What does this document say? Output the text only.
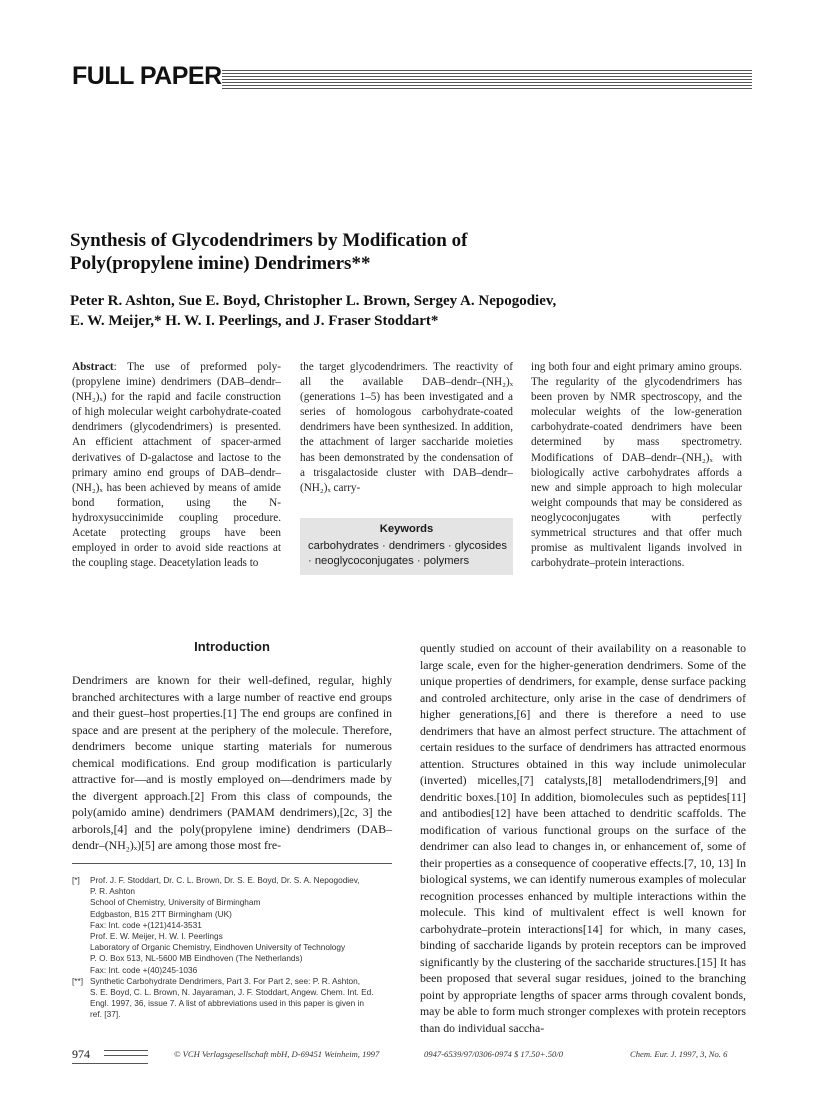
FULL PAPER
Synthesis of Glycodendrimers by Modification of
Poly(propylene imine) Dendrimers**
Peter R. Ashton, Sue E. Boyd, Christopher L. Brown, Sergey A. Nepogodiev,
E. W. Meijer,* H. W. I. Peerlings, and J. Fraser Stoddart*

Abstract: The use of preformed poly-(propylene imine) dendrimers (DAB–dendr–(NH₂)ₓ) for the rapid and facile construction of high molecular weight carbohydrate-coated dendrimers (glycodendrimers) is presented. An efficient attachment of spacer-armed derivatives of D-galactose and lactose to the primary amino end groups of DAB–dendr–(NH₂)ₓ has been achieved by means of amide bond formation, using the N-hydroxysuccinimide coupling procedure. Acetate protecting groups have been employed in order to avoid side reactions at the coupling stage. Deacetylation leads to

the target glycodendrimers. The reactivity of all the available DAB–dendr–(NH₂)ₓ (generations 1–5) has been investigated and a series of homologous carbohydrate-coated dendrimers have been synthesized. In addition, the attachment of larger saccharide moieties has been demonstrated by the condensation of a trisgalactoside cluster with DAB–dendr–(NH₂)ₓ carry-

ing both four and eight primary amino groups. The regularity of the glycodendrimers has been proven by NMR spectroscopy, and the molecular weights of the low-generation carbohydrate-coated dendrimers have been determined by mass spectrometry. Modifications of DAB–dendr–(NH₂)ₓ with biologically active carbohydrates affords a new and simple approach to high molecular weight compounds that may be considered as neoglycoconjugates with perfectly symmetrical structures and that offer much promise as multivalent ligands involved in carbohydrate–protein interactions.

Keywords
carbohydrates · dendrimers · glycosides · neoglycoconjugates · polymers
Introduction

Dendrimers are known for their well-defined, regular, highly branched architectures with a large number of reactive end groups and their guest–host properties.[1] The end groups are confined in space and are present at the periphery of the molecule. Therefore, dendrimers become unique starting materials for numerous chemical modifications. End group modification is particularly attractive for—and is mostly employed on—dendrimers made by the divergent approach.[2] From this class of compounds, the poly(amido amine) dendrimers (PAMAM dendrimers),[2c, 3] the arborols,[4] and the poly(propylene imine) dendrimers (DAB–dendr–(NH₂)ₓ)[5] are among those most fre-

quently studied on account of their availability on a reasonable to large scale, even for the higher-generation dendrimers. Some of the unique properties of dendrimers, for example, dense surface packing and controled architecture, only arise in the case of dendrimers of higher generations,[6] and there is therefore a need to use dendrimers that have an almost perfect structure. The attachment of certain residues to the surface of dendrimers has attracted enormous attention. Structures obtained in this way include unimolecular (inverted) micelles,[7] catalysts,[8] metallodendrimers,[9] and dendritic boxes.[10] In addition, biomolecules such as peptides[11] and antibodies[12] have been attached to dendritic scaffolds. The modification of various functional groups on the surface of the dendrimer can also lead to changes in, or enhancement of, some of their properties as a consequence of cooperative effects.[7, 10, 13] In biological systems, we can identify numerous examples of molecular recognition processes enhanced by multiple interactions within the molecule. This kind of multivalent effect is well known for carbohydrate–protein interactions[14] for which, in many cases, binding of saccharide ligands by protein receptors can be improved significantly by the clustering of the saccharide structures.[15] It has been proposed that several sugar residues, joined to the branching point by appropriate lengths of spacer arms through covalent bonds, may be able to form much stronger complexes with protein receptors than do individual saccha-

[*] Prof. J. F. Stoddart, Dr. C. L. Brown, Dr. S. E. Boyd, Dr. S. A. Nepogodiev,
P. R. Ashton
School of Chemistry, University of Birmingham
Edgbaston, B15 2TT Birmingham (UK)
Fax: Int. code +(121)414-3531
Prof. E. W. Meijer, H. W. I. Peerlings
Laboratory of Organic Chemistry, Eindhoven University of Technology
P. O. Box 513, NL-5600 MB Eindhoven (The Netherlands)
Fax: Int. code +(40)245-1036
[**] Synthetic Carbohydrate Dendrimers, Part 3. For Part 2, see: P. R. Ashton,
S. E. Boyd, C. L. Brown, N. Jayaraman, J. F. Stoddart, Angew. Chem. Int. Ed.
Engl. 1997, 36, issue 7. A list of abbreviations used in this paper is given in
ref. [37].
974	© VCH Verlagsgesellschaft mbH, D-69451 Weinheim, 1997	0947-6539/97/0306-0974 $ 17.50+.50/0	Chem. Eur. J. 1997, 3, No. 6
